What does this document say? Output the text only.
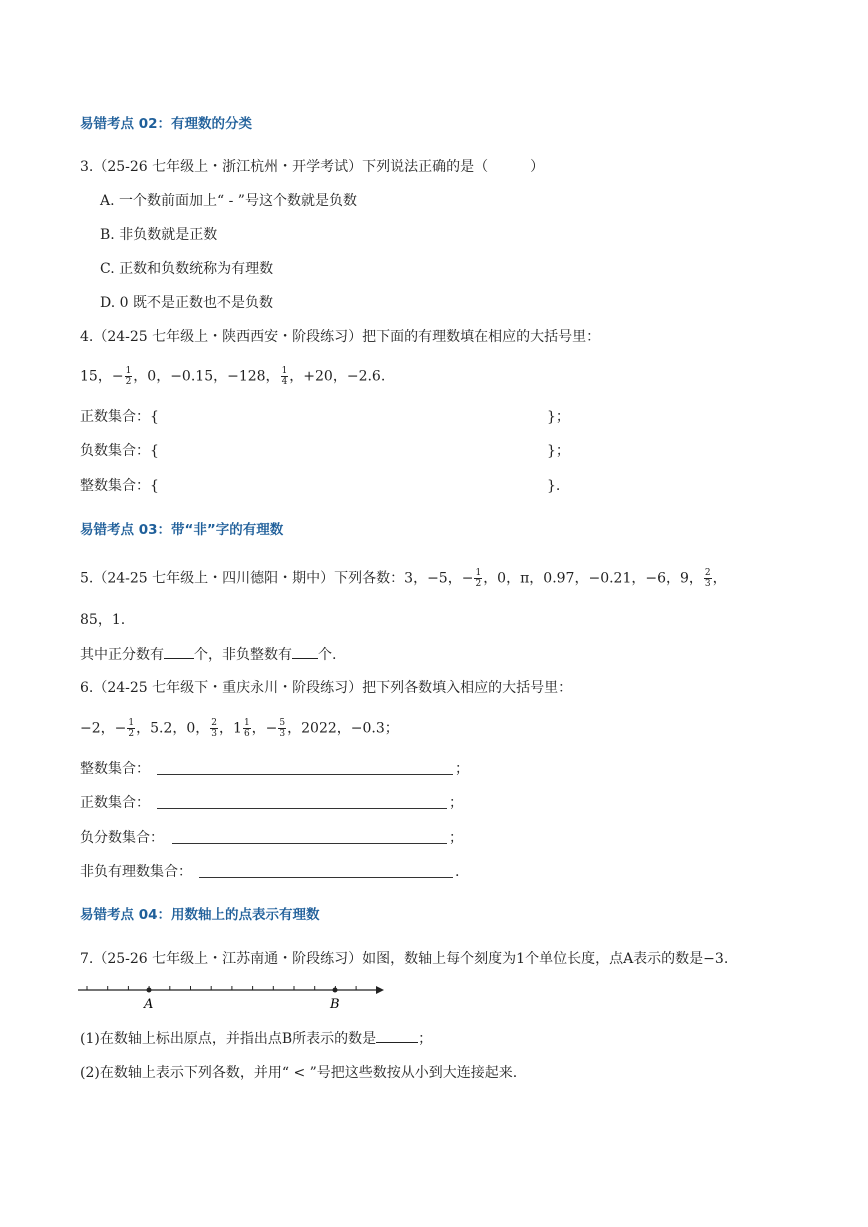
易错考点 02：有理数的分类
3.（25-26 七年级上・浙江杭州・开学考试）下列说法正确的是（　　　）
A. 一个数前面加上“ - ”号这个数就是负数
B. 非负数就是正数
C. 正数和负数统称为有理数
D. 0 既不是正数也不是负数
4.（24-25 七年级上・陕西西安・阶段练习）把下面的有理数填在相应的大括号里：
15，− $\frac{1}{2}$ ，0，−0.15，−128， $\frac{1}{4}$ ，+20，−2.6.
正数集合：{	}；
负数集合：{	}；
整数集合：{	}.
易错考点 03：带“非”字的有理数
5.（24-25 七年级上・四川德阳・期中）下列各数：3，−5，− $\frac{1}{2}$ ，0，π，0.97，−0.21，−6，9， $\frac{2}{3}$ ，
85，1.
其中正分数有 个，非负整数有 个.
6.（24-25 七年级下・重庆永川・阶段练习）把下列各数填入相应的大括号里：
−2，− $\frac{1}{2}$ ，5.2，0， $\frac{2}{3}$ ，$1 \frac{1}{6}$ ，− $\frac{5}{3}$ ，2022，−0.3；
整数集合：	；
正数集合：	；
负分数集合：	；
非负有理数集合：	.
易错考点 04：用数轴上的点表示有理数
7.（25-26 七年级上・江苏南通・阶段练习）如图，数轴上每个刻度为1个单位长度，点A表示的数是−3.
A	B
(1)在数轴上标出原点，并指出点B所表示的数是	；
(2)在数轴上表示下列各数，并用“ < ”号把这些数按从小到大连接起来.
